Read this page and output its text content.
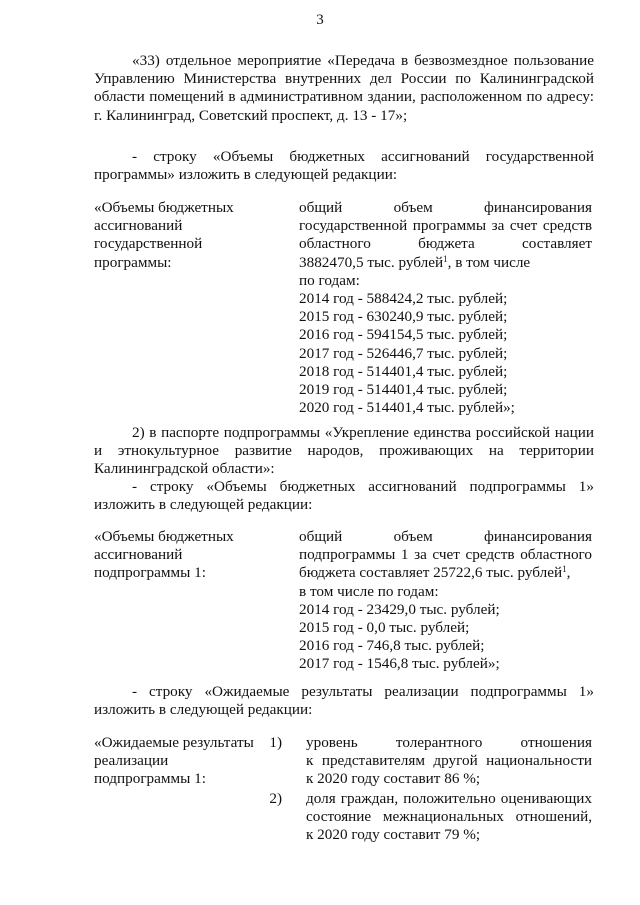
3

«33) отдельное мероприятие «Передача в безвозмездное пользование Управлению Министерства внутренних дел России по Калининградской области помещений в административном здании, расположенном по адресу: г. Калининград, Советский проспект, д. 13 - 17»;

- строку «Объемы бюджетных ассигнований государственной программы» изложить в следующей редакции:

«Объемы бюджетных
ассигнований
государственной
программы:
общий объем финансирования
государственной программы за счет средств
областного бюджета составляет
3882470,5 тыс. рублей$^1$, в том числе
по годам:
2014 год - 588424,2 тыс. рублей;
2015 год - 630240,9 тыс. рублей;
2016 год - 594154,5 тыс. рублей;
2017 год - 526446,7 тыс. рублей;
2018 год - 514401,4 тыс. рублей;
2019 год - 514401,4 тыс. рублей;
2020 год - 514401,4 тыс. рублей»;

2) в паспорте подпрограммы «Укрепление единства российской нации и этнокультурное развитие народов, проживающих на территории Калининградской области»:

- строку «Объемы бюджетных ассигнований подпрограммы 1» изложить в следующей редакции:

«Объемы бюджетных
ассигнований
подпрограммы 1:
общий объем финансирования
подпрограммы 1 за счет средств областного
бюджета составляет 25722,6 тыс. рублей$^1$,
в том числе по годам:
2014 год - 23429,0 тыс. рублей;
2015 год - 0,0 тыс. рублей;
2016 год - 746,8 тыс. рублей;
2017 год - 1546,8 тыс. рублей»;

- строку «Ожидаемые результаты реализации подпрограммы 1» изложить в следующей редакции:

«Ожидаемые результаты
реализации
подпрограммы 1:
1) уровень толерантного отношения
к представителям другой национальности
к 2020 году составит 86 %;
2) доля граждан, положительно оценивающих
состояние межнациональных отношений,
к 2020 году составит 79 %;
